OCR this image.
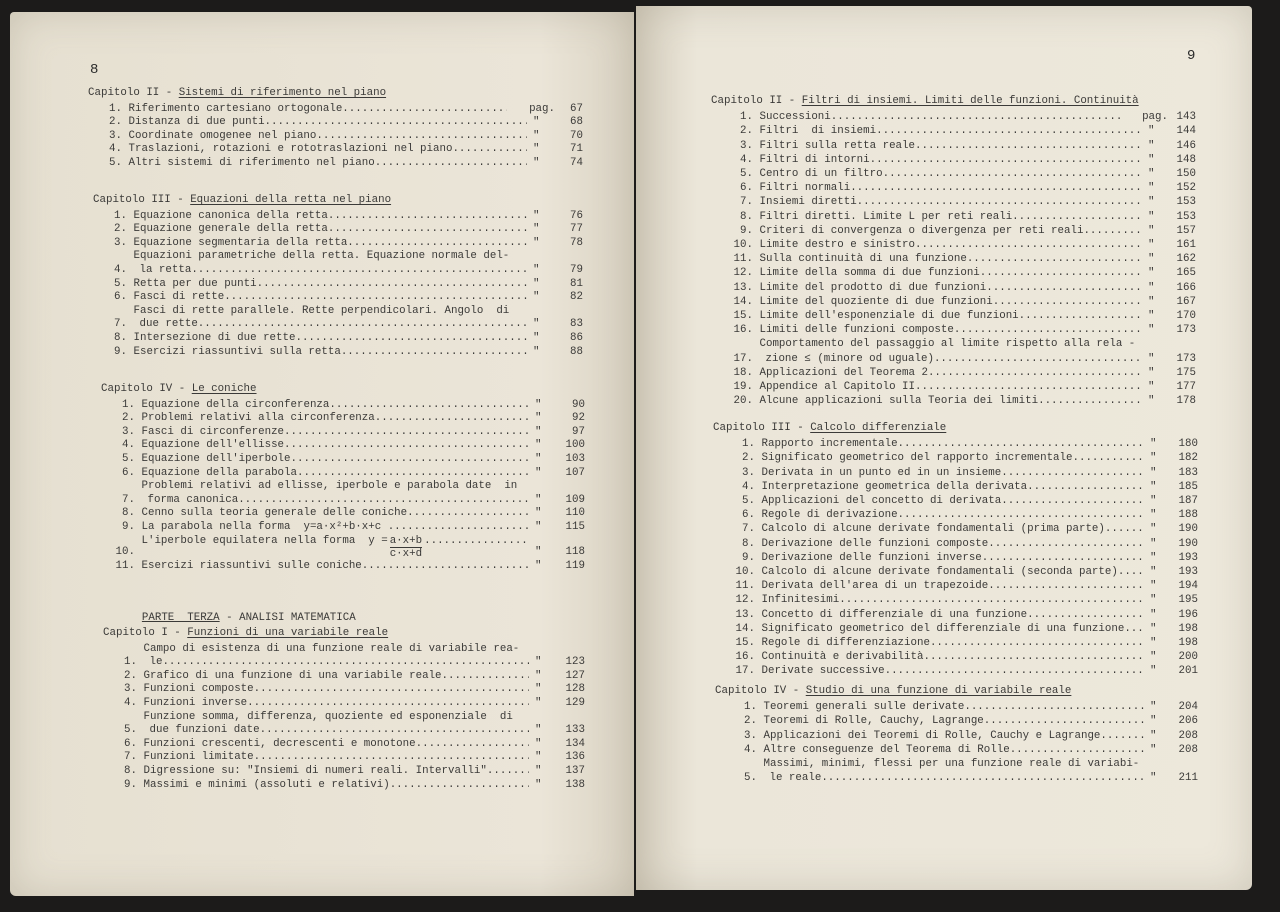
8
Capitolo II - Sistemi di riferimento nel piano
1. Riferimento cartesiano ortogonale .....	pag.	67
2. Distanza di due punti .....	"	68
3. Coordinate omogenee nel piano .....	"	70
4. Traslazioni, rotazioni e rototraslazioni nel piano .....	"	71
5. Altri sistemi di riferimento nel piano .....	"	74
Capitolo III - Equazioni della retta nel piano
1. Equazione canonica della retta .....	"	76
2. Equazione generale della retta .....	"	77
3. Equazione segmentaria della retta .....	"	78
4.
Equazioni parametriche della retta. Equazione normale del-
la retta .....	"	79
5. Retta per due punti .....	"	81
6. Fasci di rette .....	"	82
7.
Fasci di rette parallele. Rette perpendicolari. Angolo  di
due rette .....	"	83
8. Intersezione di due rette .....	"	86
9. Esercizi riassuntivi sulla retta .....	"	88
Capitolo IV - Le coniche
1. Equazione della circonferenza .....	"	90
2. Problemi relativi alla circonferenza .....	"	92
3. Fasci di circonferenze .....	"	97
4. Equazione dell'ellisse .....	"	100
5. Equazione dell'iperbole .....	"	103
6. Equazione della parabola .....	"	107
7.
Problemi relativi ad ellisse, iperbole e parabola date  in
forma canonica .....	"	109
8. Cenno sulla teoria generale delle coniche .....	"	110
9. La parabola nella forma  y=a·x²+b·x+c .....	"	115
10.
L'iperbole equilatera nella forma  $y = \frac{a\cdot x+b}{c\cdot x+d}$ .....	"	118
11. Esercizi riassuntivi sulle coniche .....	"	119

PARTE  TERZA - ANALISI MATEMATICA

Capitolo I - Funzioni di una variabile reale
1.
Campo di esistenza di una funzione reale di variabile rea-
le .....	"	123
2. Grafico di una funzione di una variabile reale .....	"	127
3. Funzioni composte .....	"	128
4. Funzioni inverse .....	"	129
5.
Funzione somma, differenza, quoziente ed esponenziale  di
due funzioni date .....	"	133
6. Funzioni crescenti, decrescenti e monotone .....	"	134
7. Funzioni limitate .....	"	136
8. Digressione su: "Insiemi di numeri reali. Intervalli" .....	"	137
9. Massimi e minimi (assoluti e relativi) .....	"	138
9
Capitolo II - Filtri di insiemi. Limiti delle funzioni. Continuità
1. Successioni .....	pag. 143
2. Filtri  di insiemi .....	"	144
3. Filtri sulla retta reale .....	"	146
4. Filtri di intorni .....	"	148
5. Centro di un filtro .....	"	150
6. Filtri normali .....	"	152
7. Insiemi diretti .....	"	153
8. Filtri diretti. Limite L per reti reali .....	"	153
9. Criteri di convergenza o divergenza per reti reali .....	"	157
10. Limite destro e sinistro .....	"	161
11. Sulla continuità di una funzione .....	"	162
12. Limite della somma di due funzioni .....	"	165
13. Limite del prodotto di due funzioni .....	"	166
14. Limite del quoziente di due funzioni .....	"	167
15. Limite dell'esponenziale di due funzioni .....	"	170
16. Limiti delle funzioni composte .....	"	173
17.
Comportamento del passaggio al limite rispetto alla rela -
zione ≤ (minore od uguale) .....	"	173
18. Applicazioni del Teorema 2 .....	"	175
19. Appendice al Capitolo II .....	"	177
20. Alcune applicazioni sulla Teoria dei limiti .....	"	178
Capitolo III - Calcolo differenziale
1. Rapporto incrementale .....	"	180
2. Significato geometrico del rapporto incrementale .....	"	182
3. Derivata in un punto ed in un insieme .....	"	183
4. Interpretazione geometrica della derivata .....	"	185
5. Applicazioni del concetto di derivata .....	"	187
6. Regole di derivazione .....	"	188
7. Calcolo di alcune derivate fondamentali (prima parte) .....	"	190
8. Derivazione delle funzioni composte .....	"	190
9. Derivazione delle funzioni inverse .....	"	193
10. Calcolo di alcune derivate fondamentali (seconda parte) .....	"	193
11. Derivata dell'area di un trapezoide .....	"	194
12. Infinitesimi .....	"	195
13. Concetto di differenziale di una funzione .....	"	196
14. Significato geometrico del differenziale di una funzione .....	"	198
15. Regole di differenziazione .....	"	198
16. Continuità e derivabilità .....	"	200
17. Derivate successive .....	"	201
Capitolo IV - Studio di una funzione di variabile reale
1. Teoremi generali sulle derivate .....	"	204
2. Teoremi di Rolle, Cauchy, Lagrange .....	"	206
3. Applicazioni dei Teoremi di Rolle, Cauchy e Lagrange .....	"	208
4. Altre conseguenze del Teorema di Rolle .....	"	208
5.
Massimi, minimi, flessi per una funzione reale di variabi-
le reale .....	"	211
